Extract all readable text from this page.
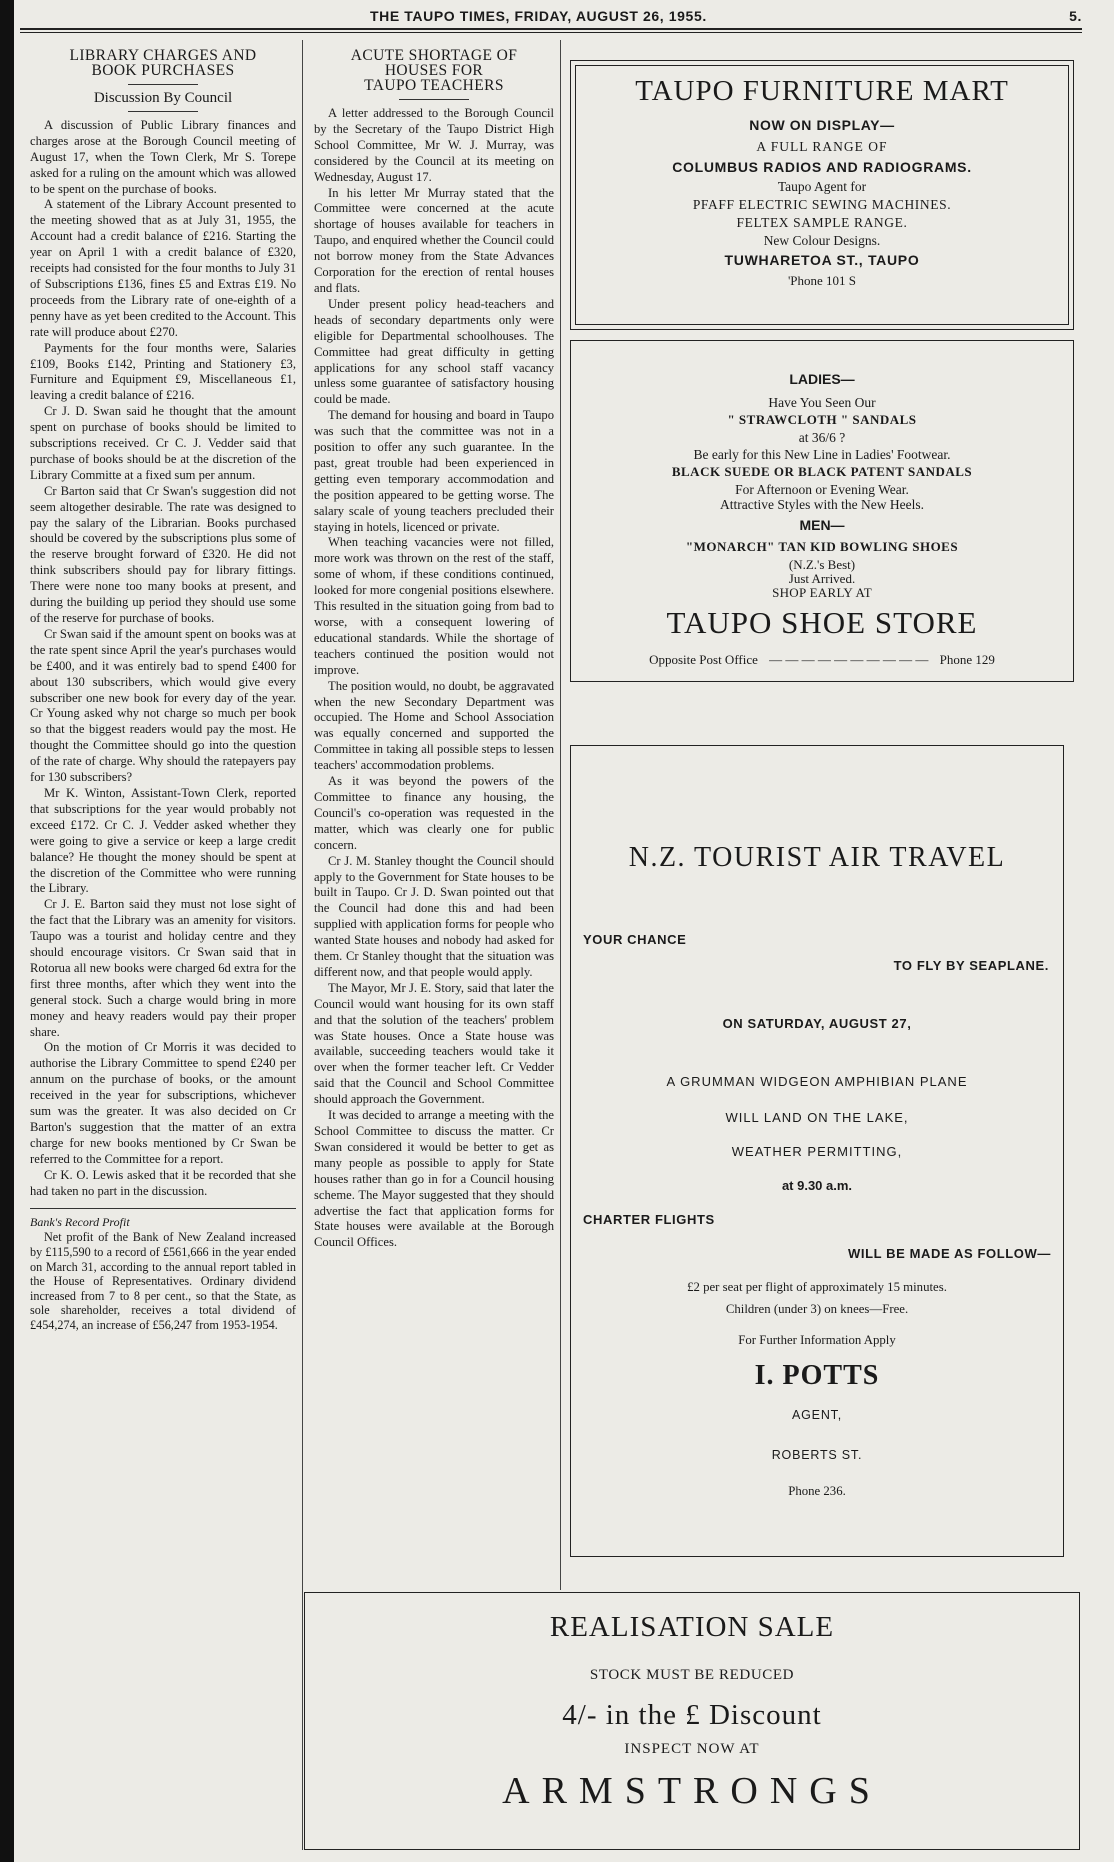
THE TAUPO TIMES, FRIDAY, AUGUST 26, 1955.	5.
LIBRARY CHARGES AND
BOOK PURCHASES
Discussion By Council

A discussion of Public Library finances and charges arose at the Borough Council meeting of August 17, when the Town Clerk, Mr S. Torepe asked for a ruling on the amount which was allowed to be spent on the purchase of books.

A statement of the Library Account presented to the meeting showed that as at July 31, 1955, the Account had a credit balance of £216. Starting the year on April 1 with a credit balance of £320, receipts had consisted for the four months to July 31 of Subscriptions £136, fines £5 and Extras £19. No proceeds from the Library rate of one-eighth of a penny have as yet been credited to the Account. This rate will produce about £270.

Payments for the four months were, Salaries £109, Books £142, Printing and Stationery £3, Furniture and Equipment £9, Miscellaneous £1, leaving a credit balance of £216.

Cr J. D. Swan said he thought that the amount spent on purchase of books should be limited to subscriptions received. Cr C. J. Vedder said that purchase of books should be at the discretion of the Library Committe at a fixed sum per annum.

Cr Barton said that Cr Swan's suggestion did not seem altogether desirable. The rate was designed to pay the salary of the Librarian. Books purchased should be covered by the subscriptions plus some of the reserve brought forward of £320. He did not think subscribers should pay for library fittings. There were none too many books at present, and during the building up period they should use some of the reserve for purchase of books.

Cr Swan said if the amount spent on books was at the rate spent since April the year's purchases would be £400, and it was entirely bad to spend £400 for about 130 subscribers, which would give every subscriber one new book for every day of the year. Cr Young asked why not charge so much per book so that the biggest readers would pay the most. He thought the Committee should go into the question of the rate of charge. Why should the ratepayers pay for 130 subscribers?

Mr K. Winton, Assistant-Town Clerk, reported that subscriptions for the year would probably not exceed £172. Cr C. J. Vedder asked whether they were going to give a service or keep a large credit balance? He thought the money should be spent at the discretion of the Committee who were running the Library.

Cr J. E. Barton said they must not lose sight of the fact that the Library was an amenity for visitors. Taupo was a tourist and holiday centre and they should encourage visitors. Cr Swan said that in Rotorua all new books were charged 6d extra for the first three months, after which they went into the general stock. Such a charge would bring in more money and heavy readers would pay their proper share.

On the motion of Cr Morris it was decided to authorise the Library Committee to spend £240 per annum on the purchase of books, or the amount received in the year for subscriptions, whichever sum was the greater. It was also decided on Cr Barton's suggestion that the matter of an extra charge for new books mentioned by Cr Swan be referred to the Committee for a report.

Cr K. O. Lewis asked that it be recorded that she had taken no part in the discussion.

Bank's Record Profit

Net profit of the Bank of New Zealand increased by £115,590 to a record of £561,666 in the year ended on March 31, according to the annual report tabled in the House of Representatives. Ordinary dividend increased from 7 to 8 per cent., so that the State, as sole shareholder, receives a total dividend of £454,274, an increase of £56,247 from 1953-1954.

ACUTE SHORTAGE OF
HOUSES FOR
TAUPO TEACHERS

A letter addressed to the Borough Council by the Secretary of the Taupo District High School Committee, Mr W. J. Murray, was considered by the Council at its meeting on Wednesday, August 17.

In his letter Mr Murray stated that the Committee were concerned at the acute shortage of houses available for teachers in Taupo, and enquired whether the Council could not borrow money from the State Advances Corporation for the erection of rental houses and flats.

Under present policy head-teachers and heads of secondary departments only were eligible for Departmental schoolhouses. The Committee had great difficulty in getting applications for any school staff vacancy unless some guarantee of satisfactory housing could be made.

The demand for housing and board in Taupo was such that the committee was not in a position to offer any such guarantee. In the past, great trouble had been experienced in getting even temporary accommodation and the position appeared to be getting worse. The salary scale of young teachers precluded their staying in hotels, licenced or private.

When teaching vacancies were not filled, more work was thrown on the rest of the staff, some of whom, if these conditions continued, looked for more congenial positions elsewhere. This resulted in the situation going from bad to worse, with a consequent lowering of educational standards. While the shortage of teachers continued the position would not improve.

The position would, no doubt, be aggravated when the new Secondary Department was occupied. The Home and School Association was equally concerned and supported the Committee in taking all possible steps to lessen teachers' accommodation problems.

As it was beyond the powers of the Committee to finance any housing, the Council's co-operation was requested in the matter, which was clearly one for public concern.

Cr J. M. Stanley thought the Council should apply to the Government for State houses to be built in Taupo. Cr J. D. Swan pointed out that the Council had done this and had been supplied with application forms for people who wanted State houses and nobody had asked for them. Cr Stanley thought that the situation was different now, and that people would apply.

The Mayor, Mr J. E. Story, said that later the Council would want housing for its own staff and that the solution of the teachers' problem was State houses. Once a State house was available, succeeding teachers would take it over when the former teacher left. Cr Vedder said that the Council and School Committee should approach the Government.

It was decided to arrange a meeting with the School Committee to discuss the matter. Cr Swan considered it would be better to get as many people as possible to apply for State houses rather than go in for a Council housing scheme. The Mayor suggested that they should advertise the fact that application forms for State houses were available at the Borough Council Offices.

TAUPO FURNITURE MART
NOW ON DISPLAY—
A FULL RANGE OF
COLUMBUS RADIOS AND RADIOGRAMS.
Taupo Agent for
PFAFF ELECTRIC SEWING MACHINES.
FELTEX SAMPLE RANGE.
New Colour Designs.
TUWHARETOA ST., TAUPO
'Phone 101 S
LADIES—
Have You Seen Our
" STRAWCLOTH " SANDALS
at 36/6 ?
Be early for this New Line in Ladies' Footwear.
BLACK SUEDE OR BLACK PATENT SANDALS
For Afternoon or Evening Wear.
Attractive Styles with the New Heels.
MEN—
"MONARCH" TAN KID BOWLING SHOES
(N.Z.'s Best)
Just Arrived.
SHOP EARLY AT
TAUPO SHOE STORE
Opposite Post Office — — — — — — — — — — Phone 129
N.Z. TOURIST AIR TRAVEL
YOUR CHANCE
TO FLY BY SEAPLANE.
ON SATURDAY, AUGUST 27,
A GRUMMAN WIDGEON AMPHIBIAN PLANE
WILL LAND ON THE LAKE,
WEATHER PERMITTING,
at 9.30 a.m.
CHARTER FLIGHTS
WILL BE MADE AS FOLLOW—
£2 per seat per flight of approximately 15 minutes.
Children (under 3) on knees—Free.
For Further Information Apply
I. POTTS
AGENT,
ROBERTS ST.
Phone 236.
REALISATION SALE
STOCK MUST BE REDUCED
4/- in the £ Discount
INSPECT NOW AT
ARMSTRONGS
